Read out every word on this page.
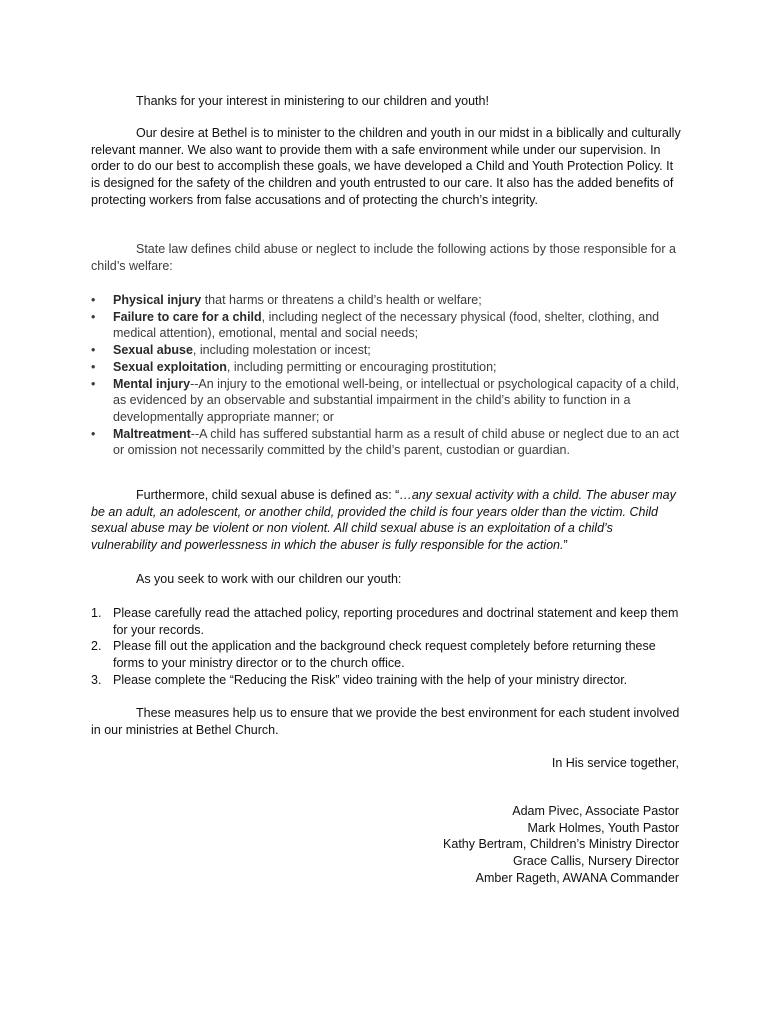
Thanks for your interest in ministering to our children and youth!
Our desire at Bethel is to minister to the children and youth in our midst in a biblically and culturally relevant manner. We also want to provide them with a safe environment while under our supervision. In order to do our best to accomplish these goals, we have developed a Child and Youth Protection Policy. It is designed for the safety of the children and youth entrusted to our care. It also has the added benefits of protecting workers from false accusations and of protecting the church’s integrity.
State law defines child abuse or neglect to include the following actions by those responsible for a child’s welfare:
•	Physical injury that harms or threatens a child’s health or welfare;
•	Failure to care for a child, including neglect of the necessary physical (food, shelter, clothing, and medical attention), emotional, mental and social needs;
•	Sexual abuse, including molestation or incest;
•	Sexual exploitation, including permitting or encouraging prostitution;
•	Mental injury--An injury to the emotional well-being, or intellectual or psychological capacity of a child, as evidenced by an observable and substantial impairment in the child’s ability to function in a developmentally appropriate manner; or
•	Maltreatment--A child has suffered substantial harm as a result of child abuse or neglect due to an act or omission not necessarily committed by the child’s parent, custodian or guardian.
Furthermore, child sexual abuse is defined as: “…any sexual activity with a child. The abuser may be an adult, an adolescent, or another child, provided the child is four years older than the victim. Child sexual abuse may be violent or non violent. All child sexual abuse is an exploitation of a child’s vulnerability and powerlessness in which the abuser is fully responsible for the action.”
As you seek to work with our children our youth:
1. Please carefully read the attached policy, reporting procedures and doctrinal statement and keep them for your records.
2. Please fill out the application and the background check request completely before returning these forms to your ministry director or to the church office.
3. Please complete the “Reducing the Risk” video training with the help of your ministry director.
These measures help us to ensure that we provide the best environment for each student involved in our ministries at Bethel Church.
In His service together,
Adam Pivec, Associate Pastor
Mark Holmes, Youth Pastor
Kathy Bertram, Children’s Ministry Director
Grace Callis, Nursery Director
Amber Rageth, AWANA Commander
